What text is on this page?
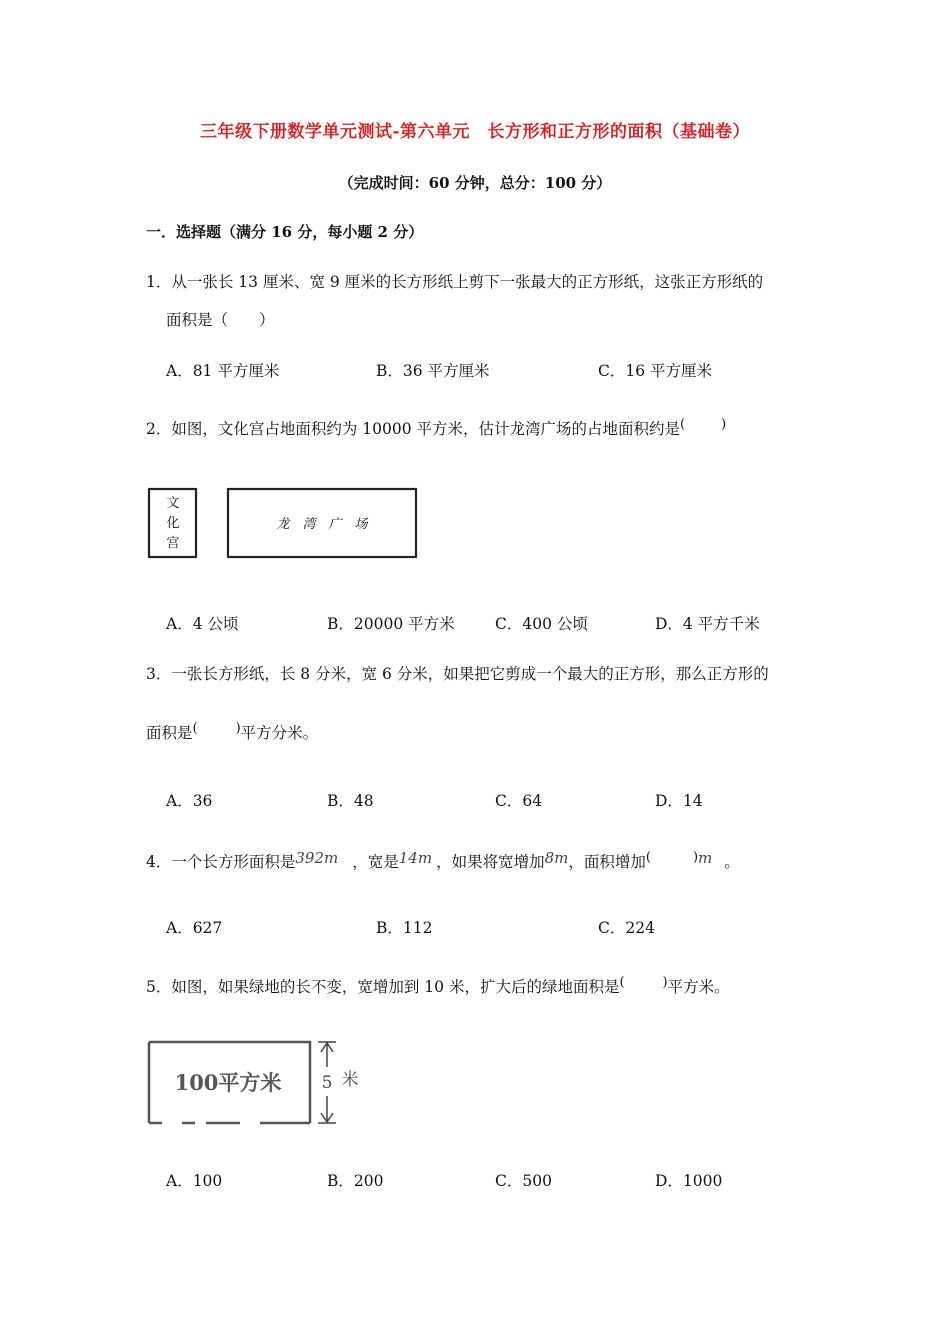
三年级下册数学单元测试-第六单元　长方形和正方形的面积（基础卷）
（完成时间：60 分钟，总分：100 分）
一．选择题（满分 16 分，每小题 2 分）
1．从一张长 13 厘米、宽 9 厘米的长方形纸上剪下一张最大的正方形纸，这张正方形纸的
面积是（　　）
A．81 平方厘米	B．36 平方厘米	C．16 平方厘米
2．如图，文化宫占地面积约为 10000 平方米，估计龙湾广场的占地面积约是(	)
文
化
宫
龙　湾　广　场
A．4 公顷	B．20000 平方米	C．400 公顷	D．4 平方千米
3．一张长方形纸，长 8 分米，宽 6 分米，如果把它剪成一个最大的正方形，那么正方形的
面积是(	)平方分米。
A．36	B．48	C．64	D．14
4．一个长方形面积是392m ，宽是14m ，如果将宽增加8m，面积增加(	)m 。
A．627	B．112	C．224
5．如图，如果绿地的长不变，宽增加到 10 米，扩大后的绿地面积是(	)平方米。
100平方米 5 米
A．100	B．200	C．500	D．1000
